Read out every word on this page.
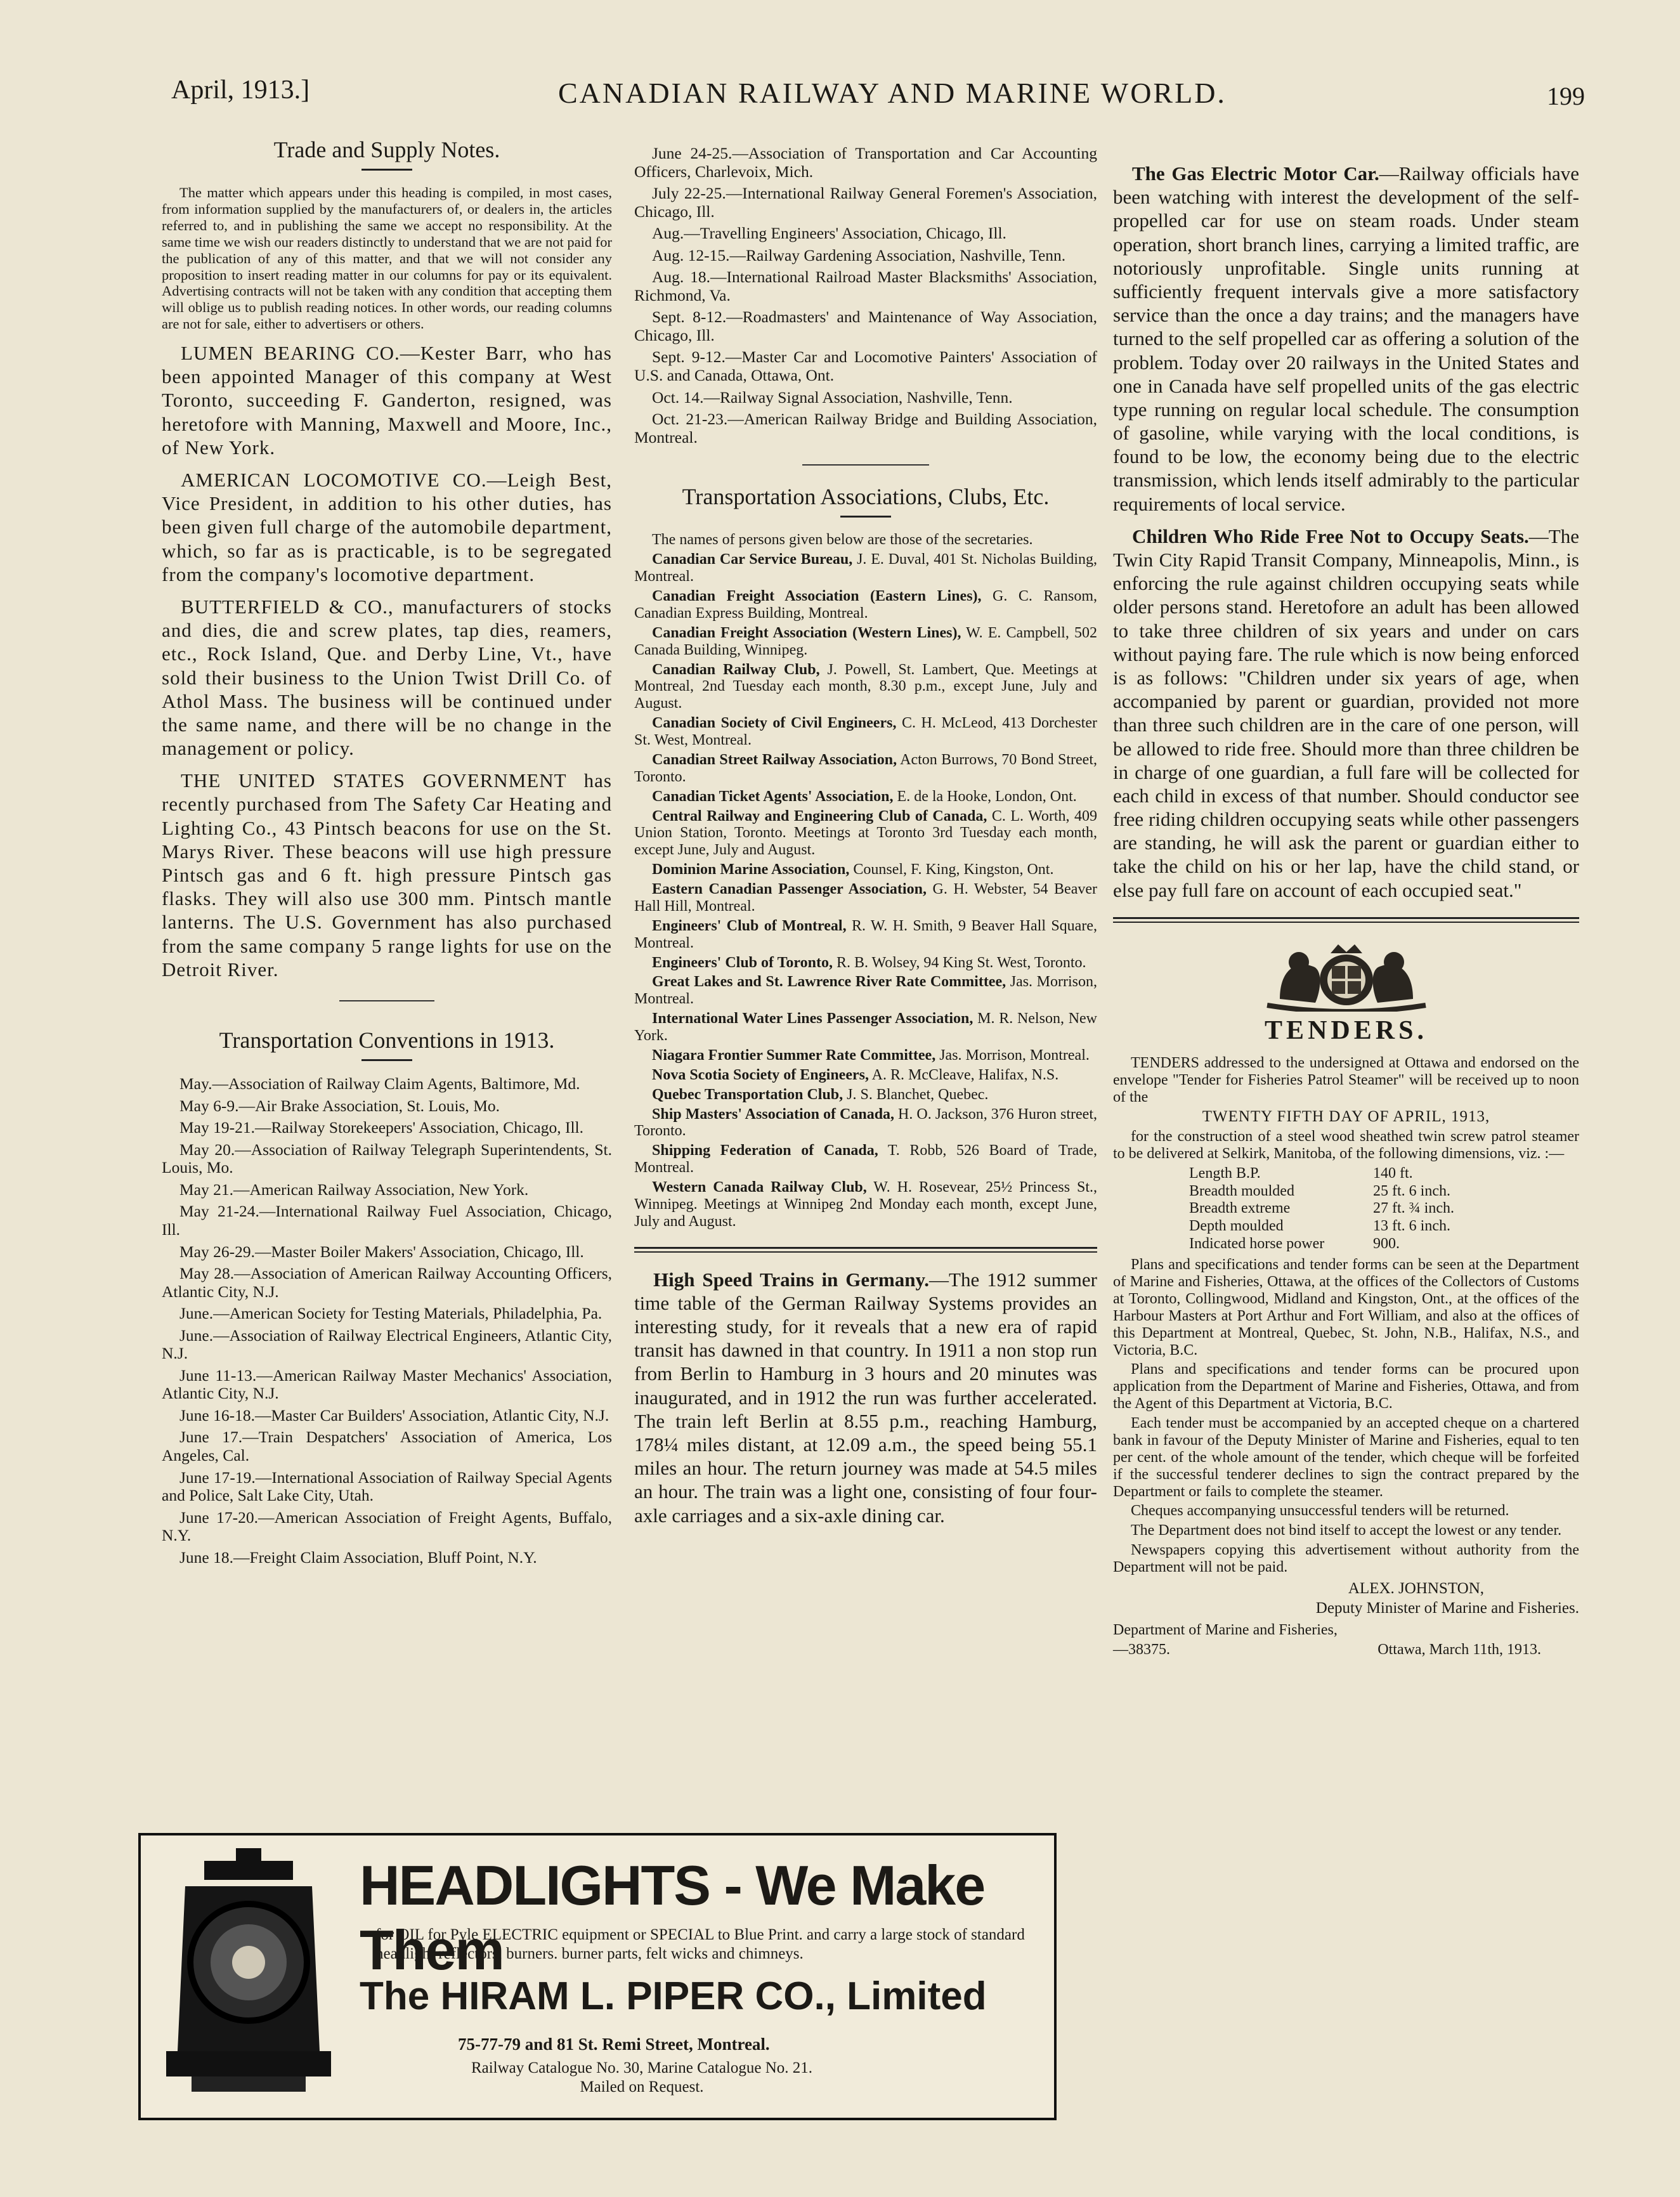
April, 1913.]	CANADIAN RAILWAY AND MARINE WORLD.	199
Trade and Supply Notes.

The matter which appears under this heading is compiled, in most cases, from information supplied by the manufacturers of, or dealers in, the articles referred to, and in publishing the same we accept no responsibility. At the same time we wish our readers distinctly to understand that we are not paid for the publication of any of this matter, and that we will not consider any proposition to insert reading matter in our columns for pay or its equivalent. Advertising contracts will not be taken with any condition that accepting them will oblige us to publish reading notices. In other words, our reading columns are not for sale, either to advertisers or others.

LUMEN BEARING CO.—Kester Barr, who has been appointed Manager of this company at West Toronto, succeeding F. Ganderton, resigned, was heretofore with Manning, Maxwell and Moore, Inc., of New York.

AMERICAN LOCOMOTIVE CO.—Leigh Best, Vice President, in addition to his other duties, has been given full charge of the automobile department, which, so far as is practicable, is to be segregated from the company's locomotive department.

BUTTERFIELD & CO., manufacturers of stocks and dies, die and screw plates, tap dies, reamers, etc., Rock Island, Que. and Derby Line, Vt., have sold their business to the Union Twist Drill Co. of Athol Mass. The business will be continued under the same name, and there will be no change in the management or policy.

THE UNITED STATES GOVERNMENT has recently purchased from The Safety Car Heating and Lighting Co., 43 Pintsch beacons for use on the St. Marys River. These beacons will use high pressure Pintsch gas and 6 ft. high pressure Pintsch gas flasks. They will also use 300 mm. Pintsch mantle lanterns. The U.S. Government has also purchased from the same company 5 range lights for use on the Detroit River.

Transportation Conventions in 1913.

May.—Association of Railway Claim Agents, Baltimore, Md.

May 6-9.—Air Brake Association, St. Louis, Mo.

May 19-21.—Railway Storekeepers' Association, Chicago, Ill.

May 20.—Association of Railway Telegraph Superintendents, St. Louis, Mo.

May 21.—American Railway Association, New York.

May 21-24.—International Railway Fuel Association, Chicago, Ill.

May 26-29.—Master Boiler Makers' Association, Chicago, Ill.

May 28.—Association of American Railway Accounting Officers, Atlantic City, N.J.

June.—American Society for Testing Materials, Philadelphia, Pa.

June.—Association of Railway Electrical Engineers, Atlantic City, N.J.

June 11-13.—American Railway Master Mechanics' Association, Atlantic City, N.J.

June 16-18.—Master Car Builders' Association, Atlantic City, N.J.

June 17.—Train Despatchers' Association of America, Los Angeles, Cal.

June 17-19.—International Association of Railway Special Agents and Police, Salt Lake City, Utah.

June 17-20.—American Association of Freight Agents, Buffalo, N.Y.

June 18.—Freight Claim Association, Bluff Point, N.Y.

June 24-25.—Association of Transportation and Car Accounting Officers, Charlevoix, Mich.

July 22-25.—International Railway General Foremen's Association, Chicago, Ill.

Aug.—Travelling Engineers' Association, Chicago, Ill.

Aug. 12-15.—Railway Gardening Association, Nashville, Tenn.

Aug. 18.—International Railroad Master Blacksmiths' Association, Richmond, Va.

Sept. 8-12.—Roadmasters' and Maintenance of Way Association, Chicago, Ill.

Sept. 9-12.—Master Car and Locomotive Painters' Association of U.S. and Canada, Ottawa, Ont.

Oct. 14.—Railway Signal Association, Nashville, Tenn.

Oct. 21-23.—American Railway Bridge and Building Association, Montreal.

Transportation Associations, Clubs, Etc.

The names of persons given below are those of the secretaries.

Canadian Car Service Bureau, J. E. Duval, 401 St. Nicholas Building, Montreal.

Canadian Freight Association (Eastern Lines), G. C. Ransom, Canadian Express Building, Montreal.

Canadian Freight Association (Western Lines), W. E. Campbell, 502 Canada Building, Winnipeg.

Canadian Railway Club, J. Powell, St. Lambert, Que. Meetings at Montreal, 2nd Tuesday each month, 8.30 p.m., except June, July and August.

Canadian Society of Civil Engineers, C. H. McLeod, 413 Dorchester St. West, Montreal.

Canadian Street Railway Association, Acton Burrows, 70 Bond Street, Toronto.

Canadian Ticket Agents' Association, E. de la Hooke, London, Ont.

Central Railway and Engineering Club of Canada, C. L. Worth, 409 Union Station, Toronto. Meetings at Toronto 3rd Tuesday each month, except June, July and August.

Dominion Marine Association, Counsel, F. King, Kingston, Ont.

Eastern Canadian Passenger Association, G. H. Webster, 54 Beaver Hall Hill, Montreal.

Engineers' Club of Montreal, R. W. H. Smith, 9 Beaver Hall Square, Montreal.

Engineers' Club of Toronto, R. B. Wolsey, 94 King St. West, Toronto.

Great Lakes and St. Lawrence River Rate Committee, Jas. Morrison, Montreal.

International Water Lines Passenger Association, M. R. Nelson, New York.

Niagara Frontier Summer Rate Committee, Jas. Morrison, Montreal.

Nova Scotia Society of Engineers, A. R. McCleave, Halifax, N.S.

Quebec Transportation Club, J. S. Blanchet, Quebec.

Ship Masters' Association of Canada, H. O. Jackson, 376 Huron street, Toronto.

Shipping Federation of Canada, T. Robb, 526 Board of Trade, Montreal.

Western Canada Railway Club, W. H. Rosevear, 25½ Princess St., Winnipeg. Meetings at Winnipeg 2nd Monday each month, except June, July and August.

High Speed Trains in Germany.—The 1912 summer time table of the German Railway Systems provides an interesting study, for it reveals that a new era of rapid transit has dawned in that country. In 1911 a non stop run from Berlin to Hamburg in 3 hours and 20 minutes was inaugurated, and in 1912 the run was further accelerated. The train left Berlin at 8.55 p.m., reaching Hamburg, 178¼ miles distant, at 12.09 a.m., the speed being 55.1 miles an hour. The return journey was made at 54.5 miles an hour. The train was a light one, consisting of four four-axle carriages and a six-axle dining car.

The Gas Electric Motor Car.—Railway officials have been watching with interest the development of the self-propelled car for use on steam roads. Under steam operation, short branch lines, carrying a limited traffic, are notoriously unprofitable. Single units running at sufficiently frequent intervals give a more satisfactory service than the once a day trains; and the managers have turned to the self propelled car as offering a solution of the problem. Today over 20 railways in the United States and one in Canada have self propelled units of the gas electric type running on regular local schedule. The consumption of gasoline, while varying with the local conditions, is found to be low, the economy being due to the electric transmission, which lends itself admirably to the particular requirements of local service.

Children Who Ride Free Not to Occupy Seats.—The Twin City Rapid Transit Company, Minneapolis, Minn., is enforcing the rule against children occupying seats while older persons stand. Heretofore an adult has been allowed to take three children of six years and under on cars without paying fare. The rule which is now being enforced is as follows: "Children under six years of age, when accompanied by parent or guardian, provided not more than three such children are in the care of one person, will be allowed to ride free. Should more than three children be in charge of one guardian, a full fare will be collected for each child in excess of that number. Should conductor see free riding children occupying seats while other passengers are standing, he will ask the parent or guardian either to take the child on his or her lap, have the child stand, or else pay full fare on account of each occupied seat."

TENDERS.

TENDERS addressed to the undersigned at Ottawa and endorsed on the envelope "Tender for Fisheries Patrol Steamer" will be received up to noon of the

TWENTY FIFTH DAY OF APRIL, 1913,

for the construction of a steel wood sheathed twin screw patrol steamer to be delivered at Selkirk, Manitoba, of the following dimensions, viz. :—

Length B.P.	140 ft.
Breadth moulded	25 ft. 6 inch.
Breadth extreme	27 ft. ¾ inch.
Depth moulded	13 ft. 6 inch.
Indicated horse power	900.

Plans and specifications and tender forms can be seen at the Department of Marine and Fisheries, Ottawa, at the offices of the Collectors of Customs at Toronto, Collingwood, Midland and Kingston, Ont., at the offices of the Harbour Masters at Port Arthur and Fort William, and also at the offices of this Department at Montreal, Quebec, St. John, N.B., Halifax, N.S., and Victoria, B.C.

Plans and specifications and tender forms can be procured upon application from the Department of Marine and Fisheries, Ottawa, and from the Agent of this Department at Victoria, B.C.

Each tender must be accompanied by an accepted cheque on a chartered bank in favour of the Deputy Minister of Marine and Fisheries, equal to ten per cent. of the whole amount of the tender, which cheque will be forfeited if the successful tenderer declines to sign the contract prepared by the Department or fails to complete the steamer.

Cheques accompanying unsuccessful tenders will be returned.

The Department does not bind itself to accept the lowest or any tender.

Newspapers copying this advertisement without authority from the Department will not be paid.

ALEX. JOHNSTON,
Deputy Minister of Marine and Fisheries.
Department of Marine and Fisheries,
—38375.	Ottawa, March 11th, 1913.
HEADLIGHTS - We Make Them
for OIL for Pyle ELECTRIC equipment or SPECIAL to Blue Print. and carry a large stock of standard headlight reflectors, burners. burner parts, felt wicks and chimneys.
The HIRAM L. PIPER CO., Limited
75-77-79 and 81 St. Remi Street, Montreal.
Railway Catalogue No. 30, Marine Catalogue No. 21. Mailed on Request.
